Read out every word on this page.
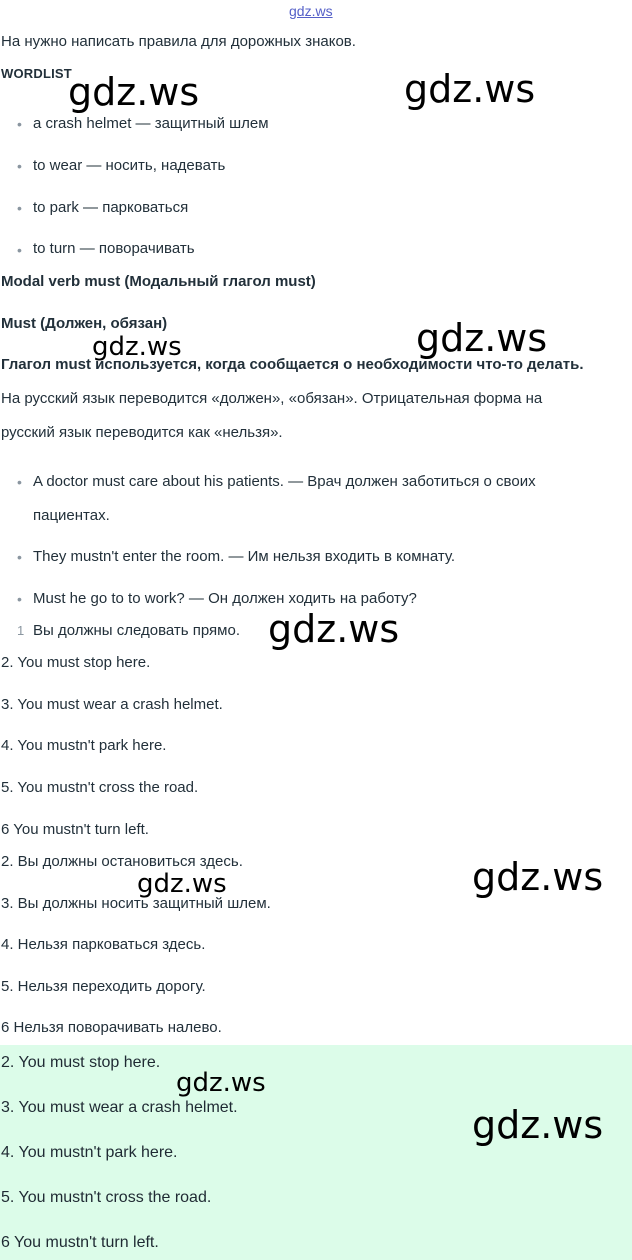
gdz.ws
На нужно написать правила для дорожных знаков.
WORDLIST
• a crash helmet — защитный шлем
• to wear — носить, надевать
• to park — парковаться
• to turn — поворачивать
Modal verb must (Модальный глагол must)
Must (Должен, обязан)
Глагол must используется, когда сообщается о необходимости что-то делать.
На русский язык переводится «должен», «обязан». Отрицательная форма на
русский язык переводится как «нельзя».
• A doctor must care about his patients. — Врач должен заботиться о своих
пациентах.
• They mustn't enter the room. — Им нельзя входить в комнату.
• Must he go to to work? — Он должен ходить на работу?
1 Вы должны следовать прямо.
2. You must stop here.
3. You must wear a crash helmet.
4. You mustn't park here.
5. You mustn't cross the road.
6 You mustn't turn left.
2. Вы должны остановиться здесь.
3. Вы должны носить защитный шлем.
4. Нельзя парковаться здесь.
5. Нельзя переходить дорогу.
6 Нельзя поворачивать налево.
2. You must stop here.
3. You must wear a crash helmet.
4. You mustn't park here.
5. You mustn't cross the road.
6 You mustn't turn left.
gdz.ws	gdz.ws
gdz.ws
gdz.ws
gdz.ws
gdz.ws	gdz.ws
gdz.ws
gdz.ws
